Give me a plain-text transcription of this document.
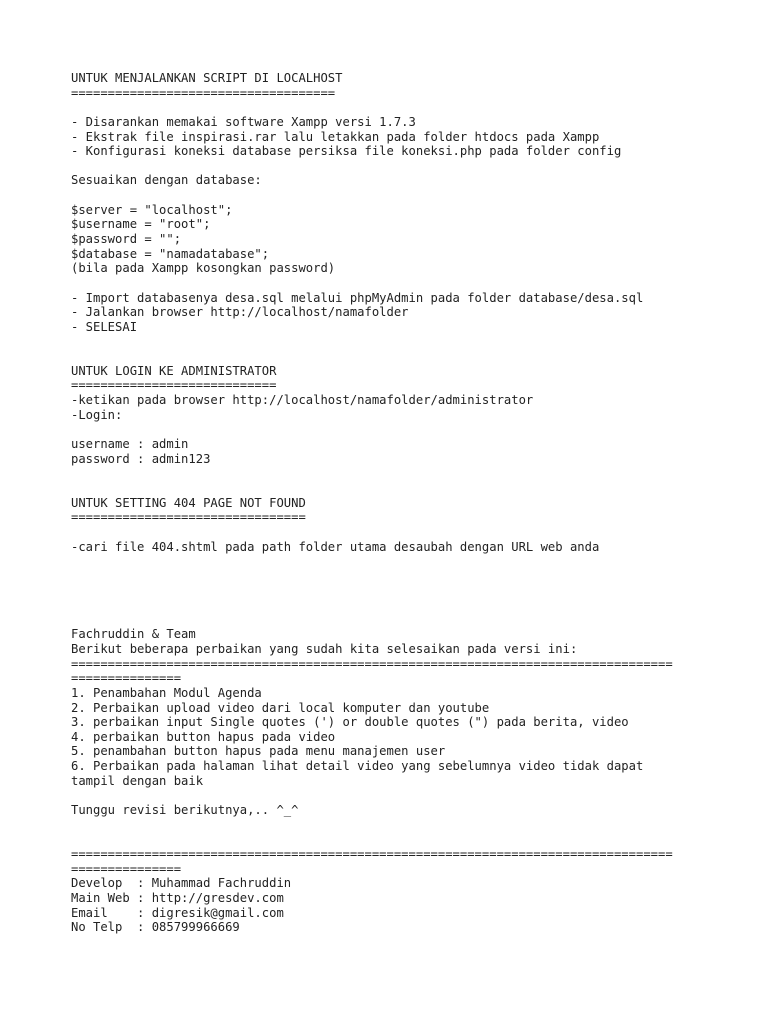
UNTUK MENJALANKAN SCRIPT DI LOCALHOST
====================================
- Disarankan memakai software Xampp versi 1.7.3
- Ekstrak file inspirasi.rar lalu letakkan pada folder htdocs pada Xampp
- Konfigurasi koneksi database persiksa file koneksi.php pada folder config
Sesuaikan dengan database:
$server = "localhost";
$username = "root";
$password = "";
$database = "namadatabase";
(bila pada Xampp kosongkan password)
- Import databasenya desa.sql melalui phpMyAdmin pada folder database/desa.sql
- Jalankan browser http://localhost/namafolder
- SELESAI
UNTUK LOGIN KE ADMINISTRATOR
============================
-ketikan pada browser http://localhost/namafolder/administrator
-Login:
username : admin
password : admin123
UNTUK SETTING 404 PAGE NOT FOUND
================================
-cari file 404.shtml pada path folder utama desaubah dengan URL web anda
Fachruddin & Team
Berikut beberapa perbaikan yang sudah kita selesaikan pada versi ini:
==================================================================================
===============
1. Penambahan Modul Agenda
2. Perbaikan upload video dari local komputer dan youtube
3. perbaikan input Single quotes (') or double quotes (") pada berita, video
4. perbaikan button hapus pada video
5. penambahan button hapus pada menu manajemen user
6. Perbaikan pada halaman lihat detail video yang sebelumnya video tidak dapat
tampil dengan baik
Tunggu revisi berikutnya,.. ^_^
==================================================================================
===============
Develop  : Muhammad Fachruddin
Main Web : http://gresdev.com
Email    : digresik@gmail.com
No Telp  : 085799966669
